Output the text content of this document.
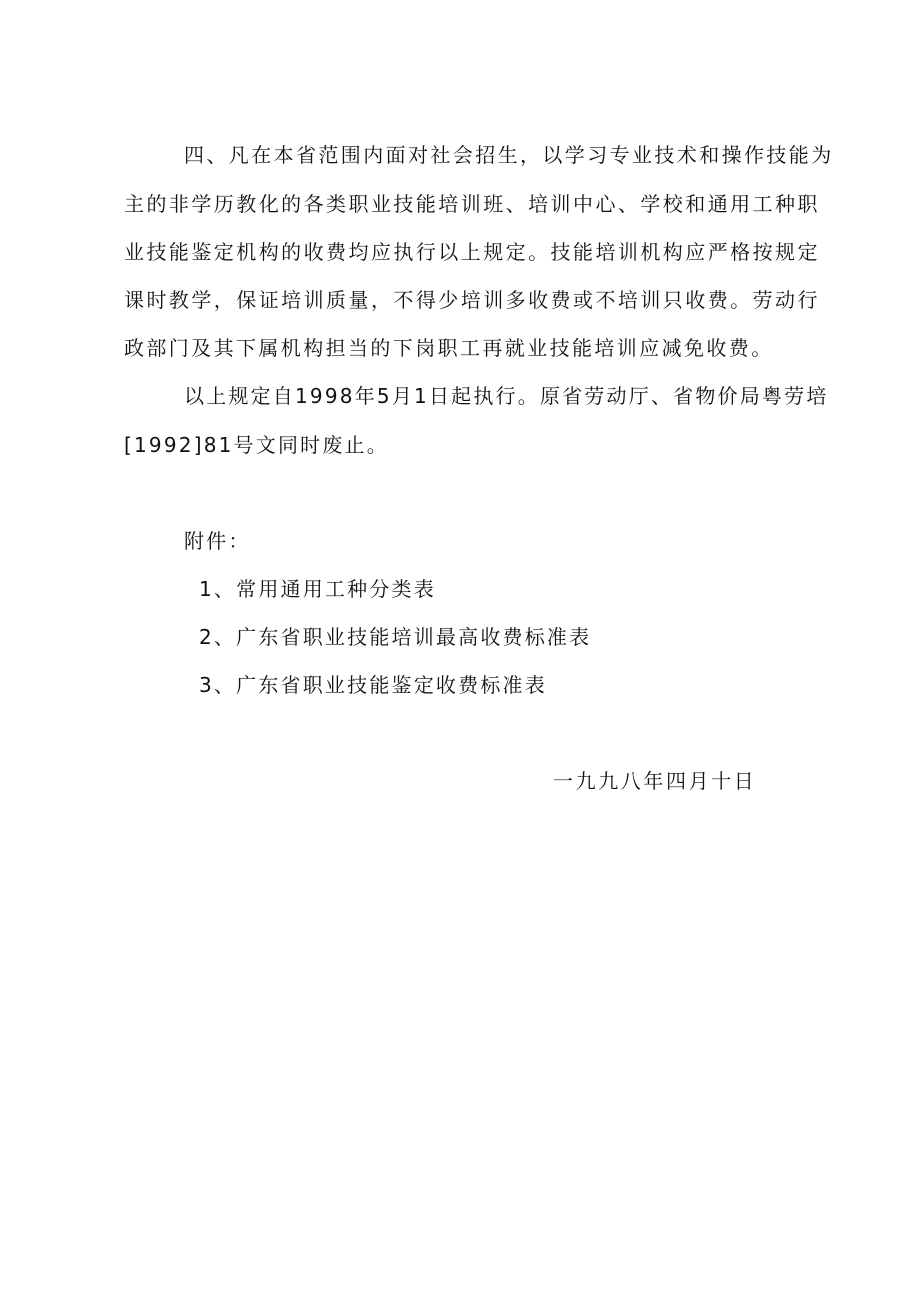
四、凡在本省范围内面对社会招生，以学习专业技术和操作技能为
主的非学历教化的各类职业技能培训班、培训中心、学校和通用工种职
业技能鉴定机构的收费均应执行以上规定。技能培训机构应严格按规定
课时教学，保证培训质量，不得少培训多收费或不培训只收费。劳动行
政部门及其下属机构担当的下岗职工再就业技能培训应减免收费。
以上规定自1998年5月1日起执行。原省劳动厅、省物价局粤劳培
[1992]81号文同时废止。
附件：
1、常用通用工种分类表
2、广东省职业技能培训最高收费标准表
3、广东省职业技能鉴定收费标准表
一九九八年四月十日
